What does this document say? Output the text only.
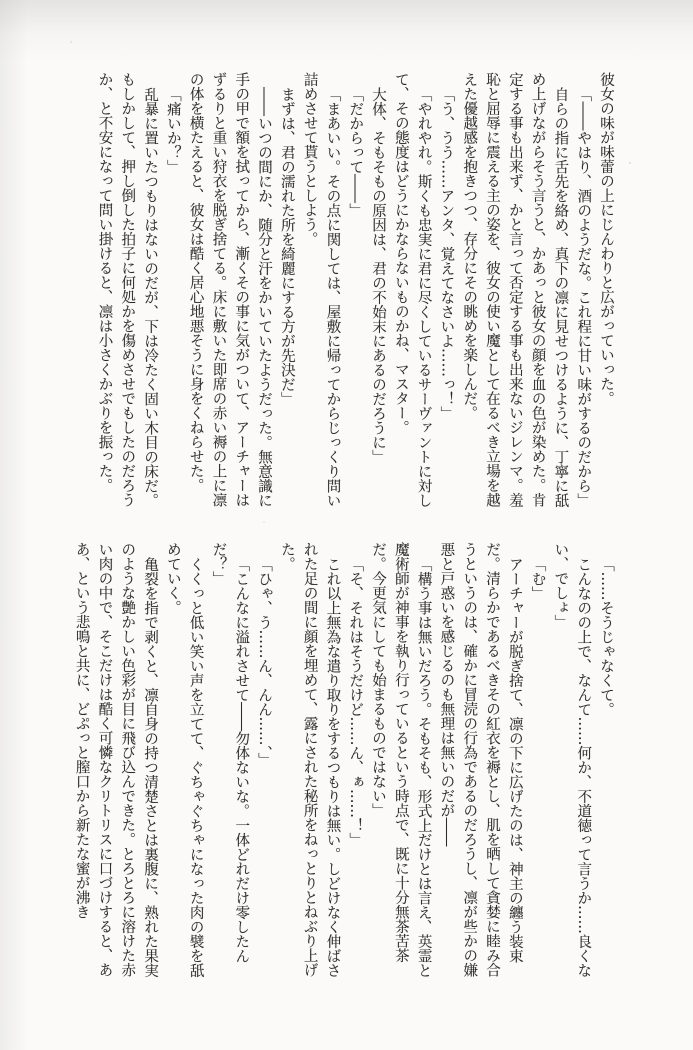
彼女の味が味蕾の上にじんわりと広がっていった。

「――やはり、酒のようだな。これ程に甘い味がするのだから」

自らの指に舌先を絡め、真下の凛に見せつけるように、丁寧に舐め上げながらそう言うと、かあっと彼女の顔を血の色が染めた。肯定する事も出来ず、かと言って否定する事も出来ないジレンマ。羞恥と屈辱に震える主の姿を、彼女の使い魔として在るべき立場を越えた優越感を抱きつつ、存分にその眺めを楽しんだ。

「う、うう……アンタ、覚えてなさいよ……っ！」

「やれやれ。斯くも忠実に君に尽くしているサーヴァントに対して、その態度はどうにかならないものかね、マスター。

大体、そもそもの原因は、君の不始末にあるのだろうに」

「だからって――」

「まあいい。その点に関しては、屋敷に帰ってからじっくり問い詰めさせて貰うとしよう。

まずは、君の濡れた所を綺麗にする方が先決だ」

――いつの間にか、随分と汗をかいていたようだった。無意識に手の甲で額を拭ってから、漸くその事に気がついて、アーチャーはずるりと重い狩衣を脱ぎ捨てる。床に敷いた即席の赤い褥の上に凛の体を横たえると、彼女は酷く居心地悪そうに身をくねらせた。

「痛いか？」

乱暴に置いたつもりはないのだが、下は冷たく固い木目の床だ。もしかして、押し倒した拍子に何処かを傷めさせでもしたのだろうか、と不安になって問い掛けると、凛は小さくかぶりを振った。

「……そうじゃなくて。

こんなのの上で、なんて……何か、不道徳って言うか……良くない、でしょ」

「む」

アーチャーが脱ぎ捨て、凛の下に広げたのは、神主の纏う装束だ。清らかであるべきその紅衣を褥とし、肌を晒して貪婪に睦み合うというのは、確かに冒涜の行為であるのだろうし、凛が些かの嫌悪と戸惑いを感じるのも無理は無いのだが――

「構う事は無いだろう。そもそも、形式上だけとは言え、英霊と魔術師が神事を執り行っているという時点で、既に十分無茶苦茶だ。今更気にしても始まるものではない」

「そ、それはそうだけど……ん、ぁ……！」

これ以上無為な遣り取りをするつもりは無い。しどけなく伸ばされた足の間に顔を埋めて、露にされた秘所をねっとりとねぶり上げた。

「ひゃ、う……ん、んん……、」

「こんなに溢れさせて――勿体ないな。一体どれだけ零したんだ？」

くくっと低い笑い声を立てて、ぐちゃぐちゃになった肉の襞を舐めていく。

亀裂を指で剥くと、凛自身の持つ清楚さとは裏腹に、熟れた果実のような艶かしい色彩が目に飛び込んできた。とろとろに溶けた赤い肉の中で、そこだけは酷く可憐なクリトリスに口づけすると、ああ、という悲鳴と共に、どぷっと膣口から新たな蜜が沸き
